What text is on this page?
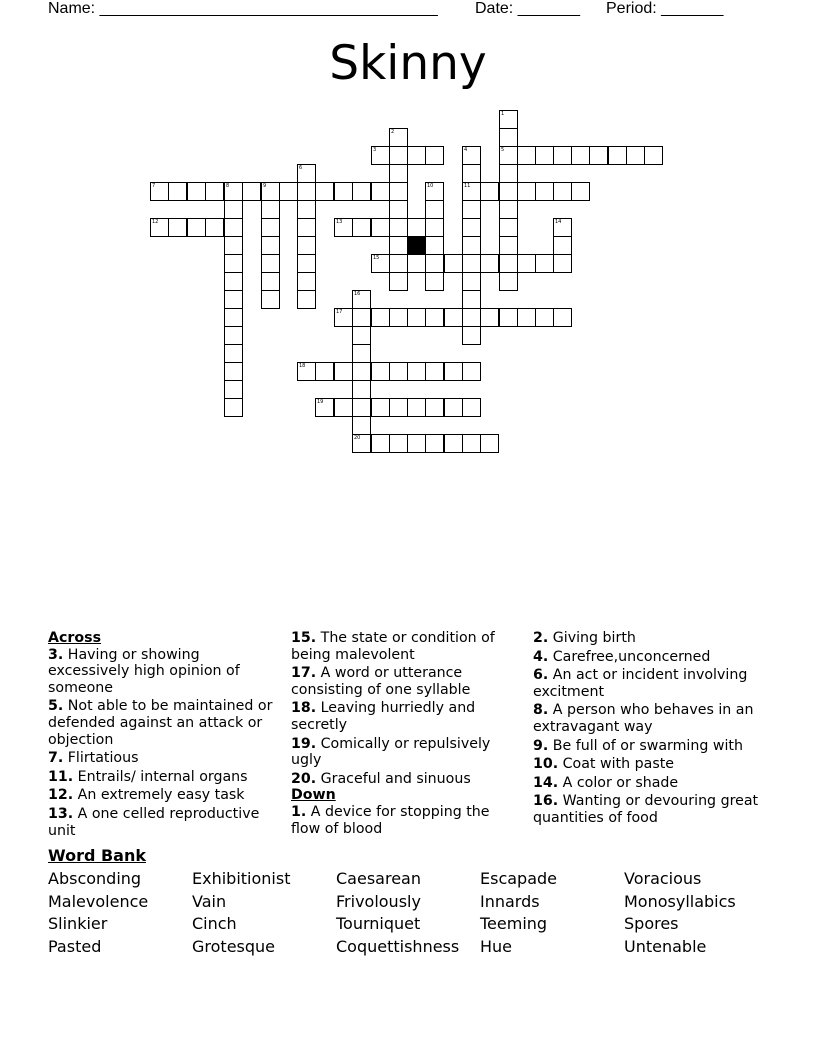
Name: ______________________________________ Date: _______ Period: _______
Skinny
1
2
3	4	5
6
7	8	9	10	11
12	13	14
15
16
17
18
19
20
Across
3. Having or showing excessively high opinion of someone
5. Not able to be maintained or defended against an attack or objection
7. Flirtatious
11. Entrails/ internal organs
12. An extremely easy task
13. A one celled reproductive unit
15. The state or condition of being malevolent
17. A word or utterance consisting of one syllable
18. Leaving hurriedly and secretly
19. Comically or repulsively ugly
20. Graceful and sinuous
Down
1. A device for stopping the flow of blood
2. Giving birth
4. Carefree,unconcerned
6. An act or incident involving excitment
8. A person who behaves in an extravagant way
9. Be full of or swarming with
10. Coat with paste
14. A color or shade
16. Wanting or devouring great quantities of food
Word Bank
Absconding
Malevolence
Slinkier
Pasted
Exhibitionist
Vain
Cinch
Grotesque
Caesarean
Frivolously
Tourniquet
Coquettishness
Escapade
Innards
Teeming
Hue
Voracious
Monosyllabics
Spores
Untenable
